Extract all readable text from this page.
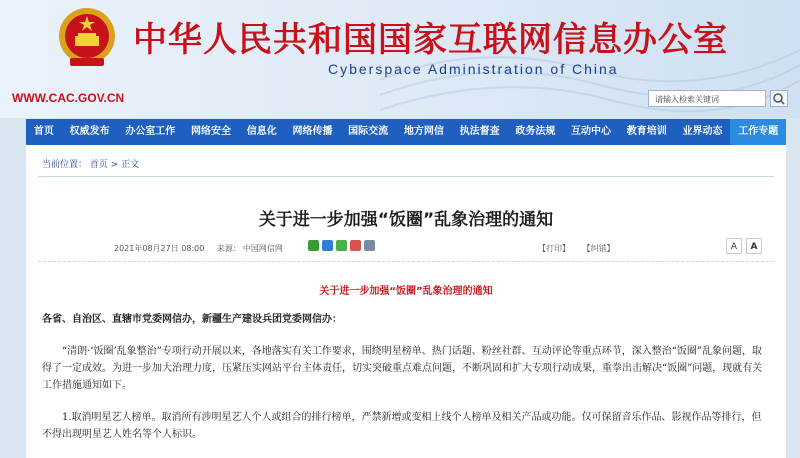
中华人民共和国国家互联网信息办公室
Cyberspace Administration of China
WWW.CAC.GOV.CN	请输入检索关键词
首页	权威发布	办公室工作	网络安全	信息化	网络传播	国际交流	地方网信	执法督查	政务法规	互动中心	教育培训	业界动态	工作专题
当前位置： 首页 > 正文
关于进一步加强“饭圈”乱象治理的通知
2021年08月27日 08:00 来源： 中国网信网	【打印】 【纠错】	A	A
关于进一步加强“饭圈”乱象治理的通知
各省、自治区、直辖市党委网信办，新疆生产建设兵团党委网信办：
“清朗·‘饭圈’乱象整治”专项行动开展以来，各地落实有关工作要求，围绕明星榜单、热门话题、粉丝社群、互动评论等重点环节，深入整治“饭圈”乱象问题，取得了一定成效。为进一步加大治理力度，压紧压实网站平台主体责任，切实突破重点难点问题，不断巩固和扩大专项行动成果，重拳出击解决“饭圈”问题，现就有关工作措施通知如下。
1.取消明星艺人榜单。取消所有涉明星艺人个人或组合的排行榜单，严禁新增或变相上线个人榜单及相关产品或功能。仅可保留音乐作品、影视作品等排行，但不得出现明星艺人姓名等个人标识。
